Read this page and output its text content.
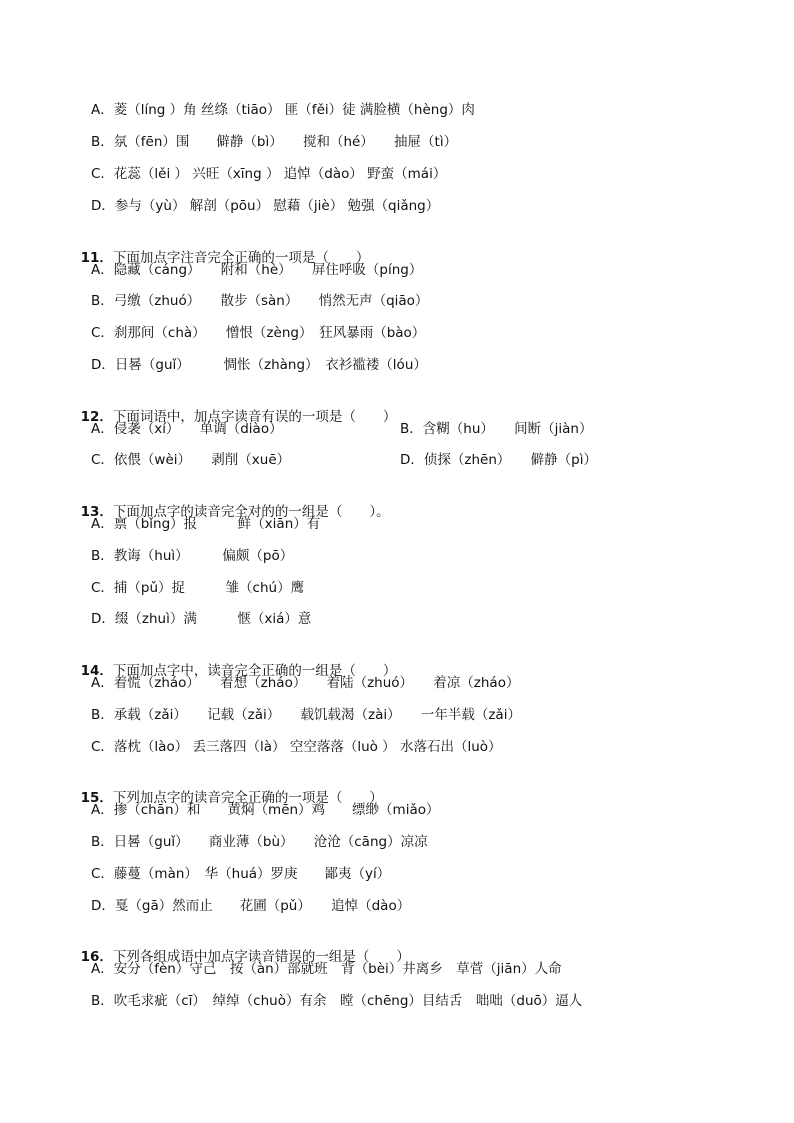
A．菱（líng ）角 丝绦（tiāo） 匪（fěi）徒 满脸横（hèng）肉
B．氛（fēn）围　　僻静（bì）　　搅和（hé）　　抽屉（tì）
C．花蕊（lěi ） 兴旺（xīng ） 追悼（dào） 野蛮（mái）
D．参与（yù） 解剖（pōu） 慰藉（jiè） 勉强（qiǎng）

11．下面加点字注音完全正确的一项是（　　）

A．隐藏（cáng）　　附和（hè）　　屏住呼吸（píng）
B．弓缴（zhuó）　　散步（sàn）　　悄然无声（qiāo）
C．刹那间（chà）　　憎恨（zèng）　狂风暴雨（bào）
D．日晷（guǐ）　　　惆怅（zhàng）　衣衫褴褛（lóu）

12．下面词语中，加点字读音有误的一项是（　　）

A．侵袭（xí）　　单调（diào）	B．含糊（hu）　　间断（jiàn）
C．依偎（wèi）　　剥削（xuē）	D．侦探（zhēn）　　僻静（pì）

13．下面加点字的读音完全对的的一组是（　　）。

A．禀（bǐng）报　　　鲜（xiān）有
B．教诲（huì）　　　偏颇（pō）
C．捕（pǔ）捉　　　雏（chú）鹰
D．缀（zhuì）满　　　惬（xiá）意

14．下面加点字中，读音完全正确的一组是（　　）

A．着慌（zháo）　　着想（zháo）　　着陆（zhuó）　　着凉（zháo）
B．承载（zǎi）　　记载（zǎi）　　载饥载渴（zài）　　一年半载（zǎi）
C．落枕（lào） 丢三落四（là） 空空落落（luò ） 水落石出（luò）

15．下列加点字的读音完全正确的一项是（　　）

A．掺（chān）和　　黄焖（mēn）鸡　　缥缈（miǎo）
B．日晷（guǐ）　　商业薄（bù）　　沧沧（cāng）凉凉
C．藤蔓（màn）　华（huá）罗庚　　鄙夷（yí）
D．戛（gā）然而止　　花圃（pǔ）　　追悼（dào）

16．下列各组成语中加点字读音错误的一组是（　　）

A．安分（fèn）守己　按（àn）部就班　背（bèi）井离乡　草菅（jiān）人命
B．吹毛求疵（cī）　绰绰（chuò）有余　瞠（chēng）目结舌　咄咄（duō）逼人
